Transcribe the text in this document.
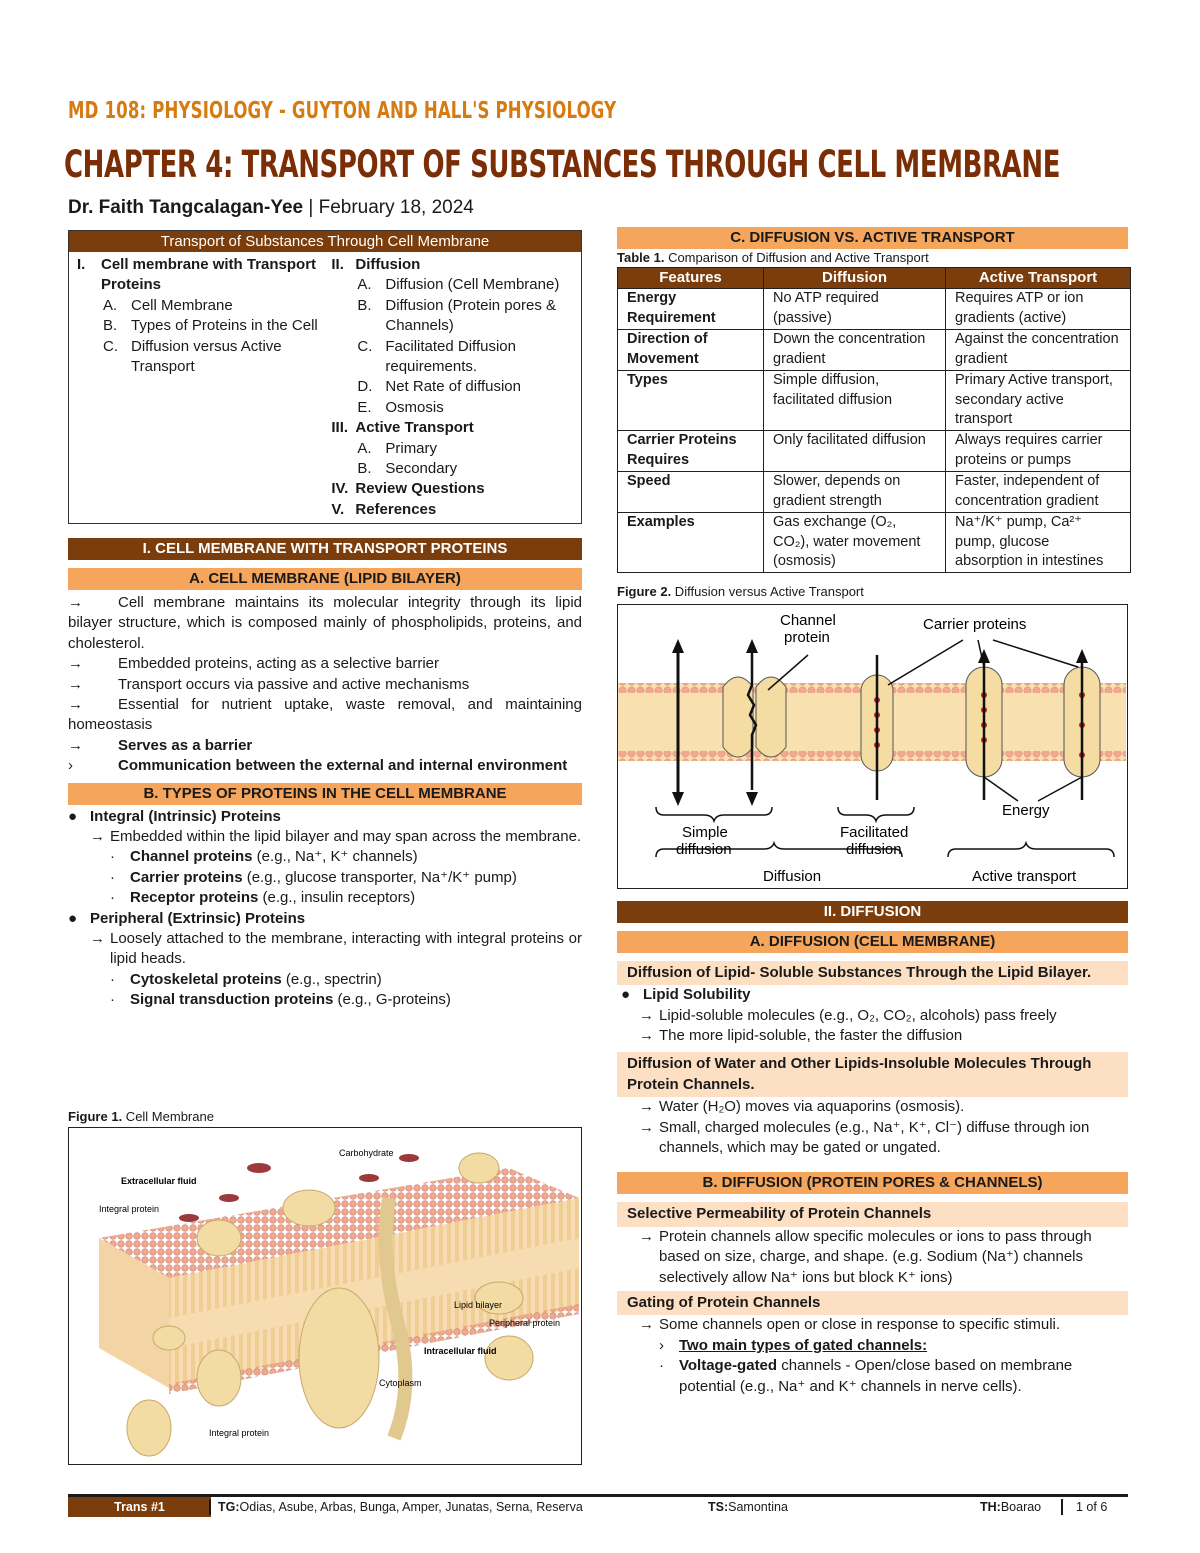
MD 108: PHYSIOLOGY - GUYTON AND HALL'S PHYSIOLOGY
CHAPTER 4: TRANSPORT OF SUBSTANCES THROUGH CELL MEMBRANE
Dr. Faith Tangcalagan-Yee | February 18, 2024
Transport of Substances Through Cell Membrane
I.	Cell membrane with Transport Proteins
A. Cell Membrane
B. Types of Proteins in the Cell
C. Diffusion versus Active Transport
II. Diffusion
A. Diffusion (Cell Membrane)
B. Diffusion (Protein pores & Channels)
C. Facilitated Diffusion requirements.
D. Net Rate of diffusion
E. Osmosis
III. Active Transport
A. Primary
B. Secondary
IV. Review Questions
V. References
I. CELL MEMBRANE WITH TRANSPORT PROTEINS
A. CELL MEMBRANE (LIPID BILAYER)

→ Cell membrane maintains its molecular integrity through its lipid bilayer structure, which is composed mainly of phospholipids, proteins, and cholesterol.

→	Embedded proteins, acting as a selective barrier

→	Transport occurs via passive and active mechanisms

→ Essential for nutrient uptake, waste removal, and maintaining homeostasis

→	Serves as a barrier

›	Communication between the external and internal environment

B. TYPES OF PROTEINS IN THE CELL MEMBRANE
● Integral (Intrinsic) Proteins
→ Embedded within the lipid bilayer and may span across the membrane.
·	Channel proteins (e.g., Na⁺, K⁺ channels)
·	Carrier proteins (e.g., glucose transporter, Na⁺/K⁺ pump)
·	Receptor proteins (e.g., insulin receptors)
● Peripheral (Extrinsic) Proteins
→ Loosely attached to the membrane, interacting with integral proteins or lipid heads.
·	Cytoskeletal proteins (e.g., spectrin)
·	Signal transduction proteins (e.g., G-proteins)
Figure 1. Cell Membrane
Carbohydrate
Extracellular fluid
Integral protein
Lipid bilayer
Peripheral protein
Intracellular fluid
Cytoplasm
Integral protein
C. DIFFUSION VS. ACTIVE TRANSPORT
Table 1. Comparison of Diffusion and Active Transport
Features	Diffusion	Active Transport
Energy Requirement	No ATP required (passive)	Requires ATP or ion gradients (active)
Direction of Movement	Down the concentration gradient	Against the concentration gradient
Types	Simple diffusion, facilitated diffusion	Primary Active transport, secondary active transport
Carrier Proteins Requires	Only facilitated diffusion	Always requires carrier proteins or pumps
Speed	Slower, depends on gradient strength	Faster, independent of concentration gradient
Examples	Gas exchange (O₂, CO₂), water movement (osmosis)	Na⁺/K⁺ pump, Ca²⁺ pump, glucose absorption in intestines
Figure 2. Diffusion versus Active Transport
Channel protein
Carrier proteins
Energy
Simple diffusion
Facilitated diffusion
Diffusion	Active transport
II. DIFFUSION
A. DIFFUSION (CELL MEMBRANE)
Diffusion of Lipid- Soluble Substances Through the Lipid Bilayer.
● Lipid Solubility
→ Lipid-soluble molecules (e.g., O₂, CO₂, alcohols) pass freely
→ The more lipid-soluble, the faster the diffusion
Diffusion of Water and Other Lipids-Insoluble Molecules Through Protein Channels.
→ Water (H₂O) moves via aquaporins (osmosis).
→ Small, charged molecules (e.g., Na⁺, K⁺, Cl⁻) diffuse through ion channels, which may be gated or ungated.
B. DIFFUSION (PROTEIN PORES & CHANNELS)
Selective Permeability of Protein Channels
→ Protein channels allow specific molecules or ions to pass through based on size, charge, and shape. (e.g. Sodium (Na⁺) channels selectively allow Na⁺ ions but block K⁺ ions)
Gating of Protein Channels
→ Some channels open or close in response to specific stimuli.
›	Two main types of gated channels:
·	Voltage-gated channels - Open/close based on membrane potential (e.g., Na⁺ and K⁺ channels in nerve cells).
Trans #1	TG: Odias, Asube, Arbas, Bunga, Amper, Junatas, Serna, Reserva	TS: Samontina	TH: Boarao	1 of 6
